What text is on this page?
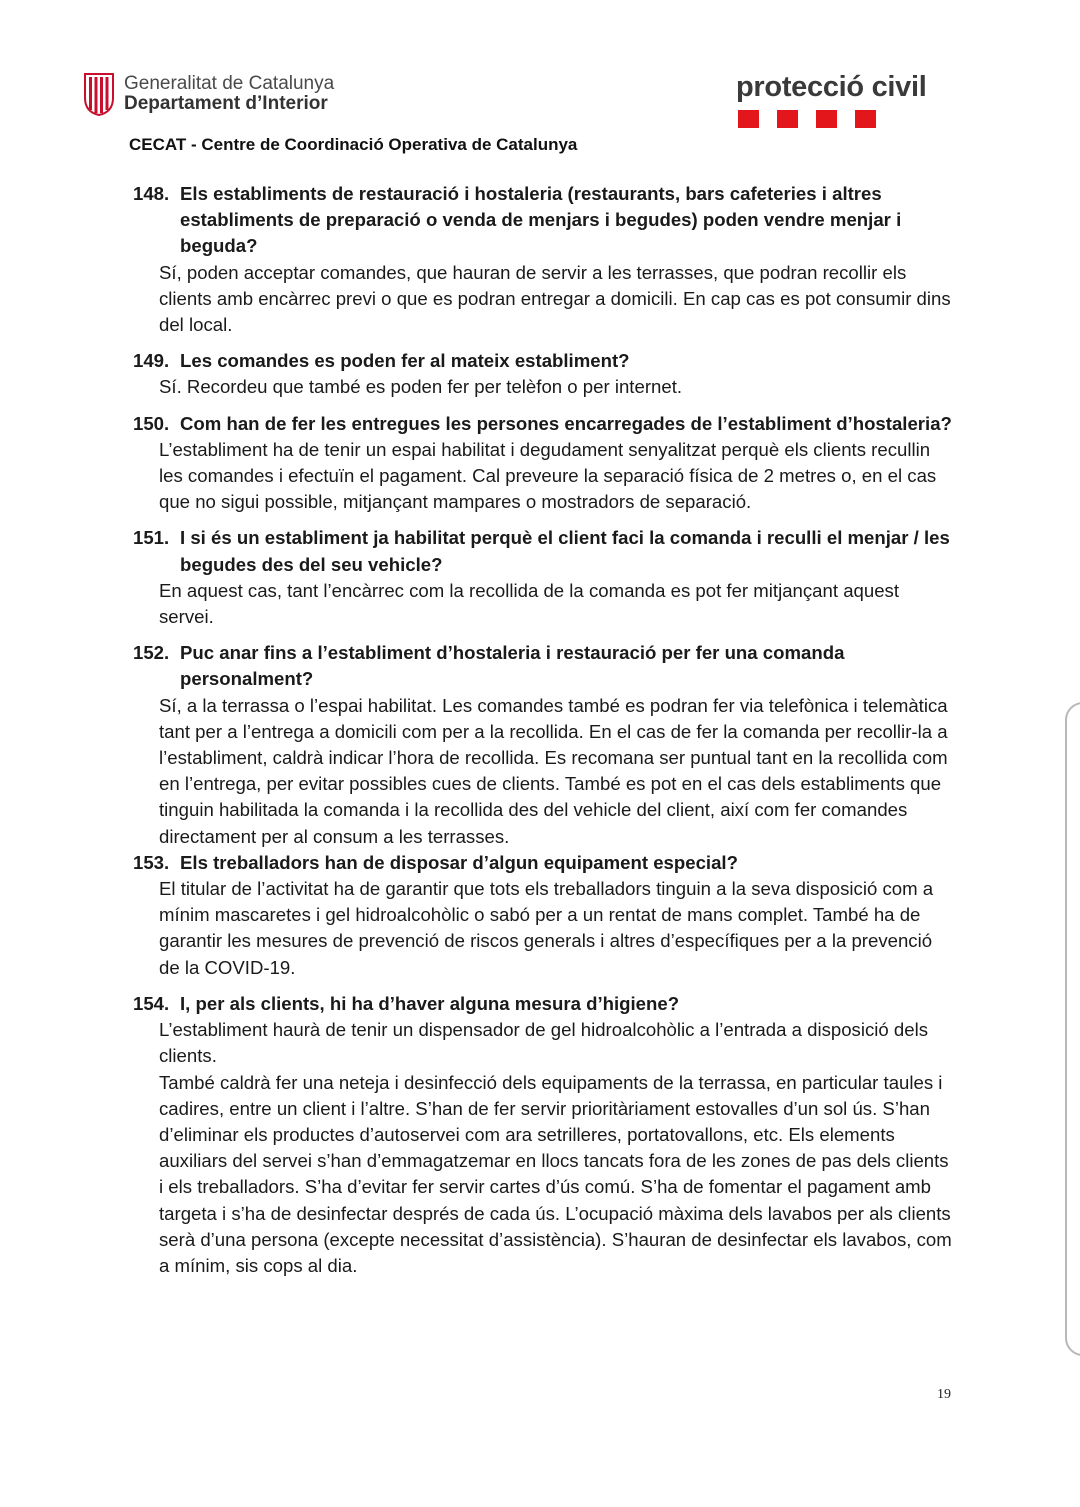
Generalitat de Catalunya
Departament d’Interior
protecció civil
CECAT - Centre de Coordinació Operativa de Catalunya
148. Els establiments de restauració i hostaleria (restaurants, bars cafeteries i altres establiments de preparació o venda de menjars i begudes) poden vendre menjar i beguda?

Sí, poden acceptar comandes, que hauran de servir a les terrasses, que podran recollir els clients amb encàrrec previ o que es podran entregar a domicili. En cap cas es pot consumir dins del local.

149. Les comandes es poden fer al mateix establiment?

Sí. Recordeu que també es poden fer per telèfon o per internet.

150. Com han de fer les entregues les persones encarregades de l’establiment d’hostaleria?

L’establiment ha de tenir un espai habilitat i degudament senyalitzat perquè els clients recullin les comandes i efectuïn el pagament. Cal preveure la separació física de 2 metres o, en el cas que no sigui possible, mitjançant mampares o mostradors de separació.

151. I si és un establiment ja habilitat perquè el client faci la comanda i reculli el menjar / les begudes des del seu vehicle?

En aquest cas, tant l’encàrrec com la recollida de la comanda es pot fer mitjançant aquest servei.

152. Puc anar fins a l’establiment d’hostaleria i restauració per fer una comanda personalment?

Sí, a la terrassa o l’espai habilitat. Les comandes també es podran fer via telefònica i telemàtica tant per a l’entrega a domicili com per a la recollida. En el cas de fer la comanda per recollir-la a l’establiment, caldrà indicar l’hora de recollida. Es recomana ser puntual tant en la recollida com en l’entrega, per evitar possibles cues de clients. També es pot en el cas dels establiments que tinguin habilitada la comanda i la recollida des del vehicle del client, així com fer comandes directament per al consum a les terrasses.

153. Els treballadors han de disposar d’algun equipament especial?

El titular de l’activitat ha de garantir que tots els treballadors tinguin a la seva disposició com a mínim mascaretes i gel hidroalcohòlic o sabó per a un rentat de mans complet. També ha de garantir les mesures de prevenció de riscos generals i altres d’específiques per a la prevenció de la COVID-19.

154. I, per als clients, hi ha d’haver alguna mesura d’higiene?

L’establiment haurà de tenir un dispensador de gel hidroalcohòlic a l’entrada a disposició dels clients.

També caldrà fer una neteja i desinfecció dels equipaments de la terrassa, en particular taules i cadires, entre un client i l’altre. S’han de fer servir prioritàriament estovalles d’un sol ús. S’han d’eliminar els productes d’autoservei com ara setrilleres, portatovallons, etc. Els elements auxiliars del servei s’han d’emmagatzemar en llocs tancats fora de les zones de pas dels clients i els treballadors. S’ha d’evitar fer servir cartes d’ús comú. S’ha de fomentar el pagament amb targeta i s’ha de desinfectar després de cada ús. L’ocupació màxima dels lavabos per als clients serà d’una persona (excepte necessitat d’assistència). S’hauran de desinfectar els lavabos, com a mínim, sis cops al dia.

19
